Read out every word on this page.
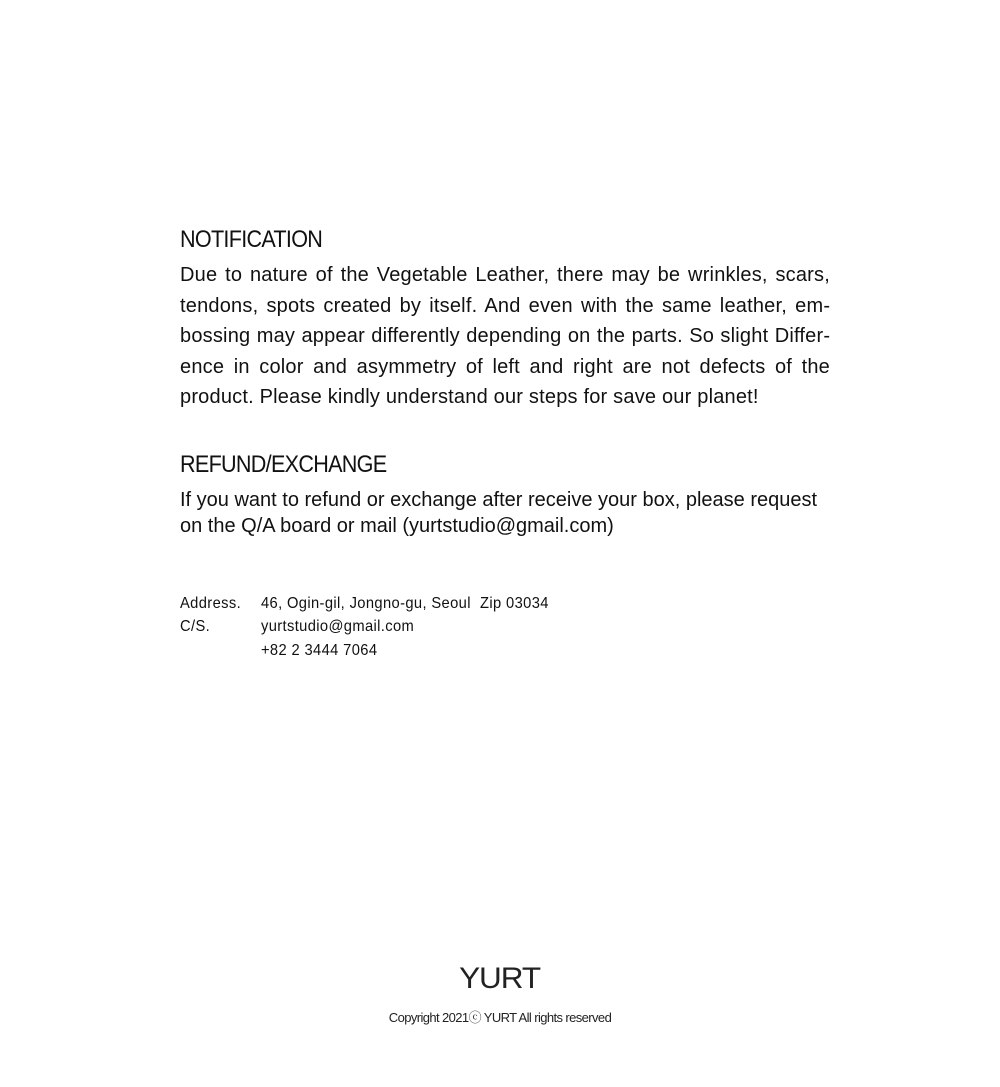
NOTIFICATION

Due to nature of the Vegetable Leather, there may be wrinkles, scars, tendons, spots created by itself. And even with the same leather, embossing may appear differently depending on the parts. So slight Difference in color and asymmetry of left and right are not defects of the product. Please kindly understand our steps for save our planet!

REFUND/EXCHANGE
If you want to refund or exchange after receive your box, please request
on the Q/A board or mail (yurtstudio@gmail.com)
Address.	46, Ogin-gil, Jongno-gu, Seoul Zip 03034
C/S.	yurtstudio@gmail.com
+82 2 3444 7064
YURT
Copyright 2021ⓒ YURT All rights reserved
